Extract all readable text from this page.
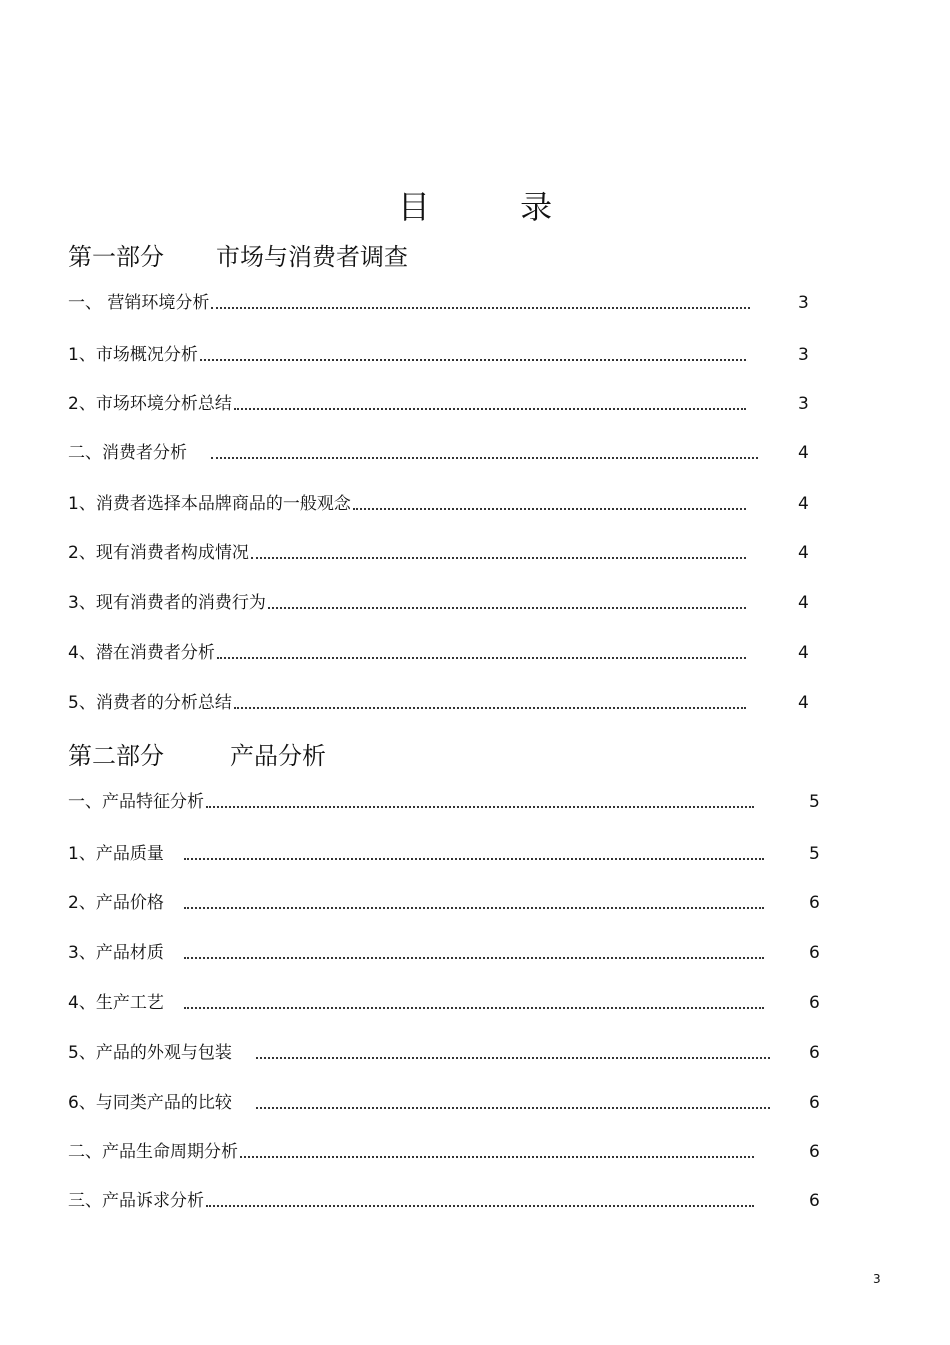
目 录
第一部分 市场与消费者调查
一、 营销环境分析	3
1、市场概况分析	3
2、市场环境分析总结	3
二、消费者分析	4
1、消费者选择本品牌商品的一般观念	4
2、现有消费者构成情况	4
3、现有消费者的消费行为	4
4、潜在消费者分析	4
5、消费者的分析总结	4
第二部分	产品分析
一、产品特征分析	5
1、产品质量	5
2、产品价格	6
3、产品材质	6
4、生产工艺	6
5、产品的外观与包装	6
6、与同类产品的比较	6
二、产品生命周期分析	6
三、产品诉求分析	6
3
